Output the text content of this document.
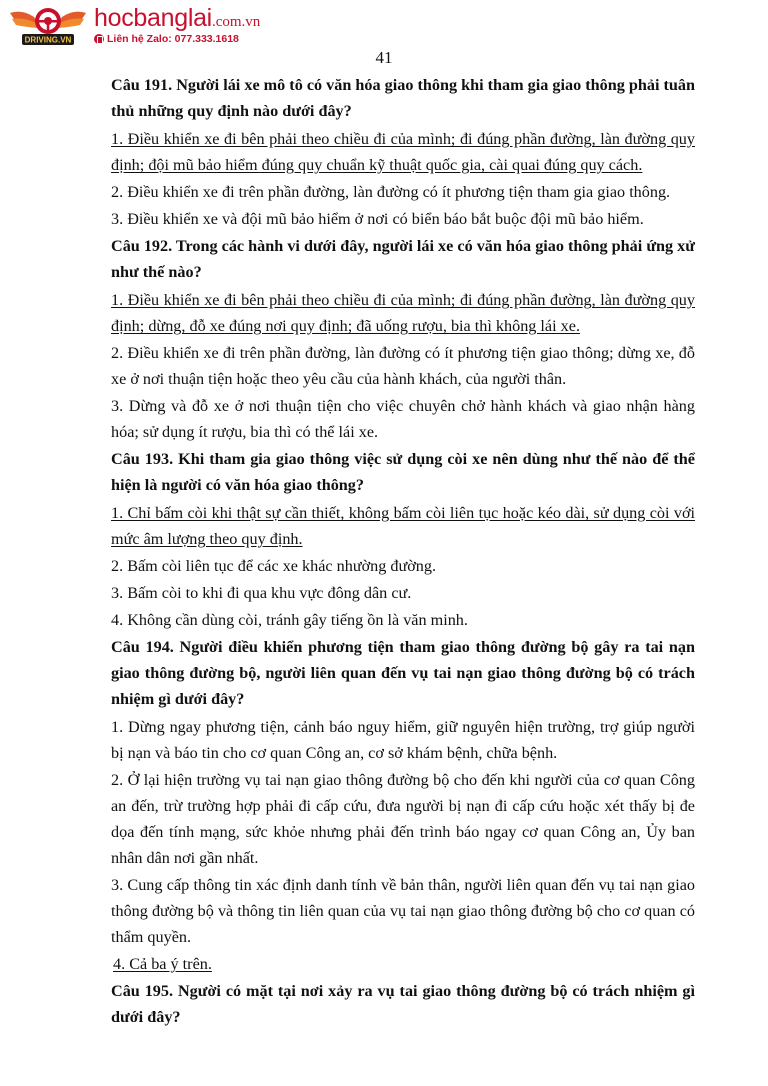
DRIVING.VN
hocbanglai.com.vn
Liên hệ Zalo: 077.333.1618
41

Câu 191. Người lái xe mô tô có văn hóa giao thông khi tham gia giao thông phải tuân thủ những quy định nào dưới đây?

1. Điều khiển xe đi bên phải theo chiều đi của mình; đi đúng phần đường, làn đường quy định; đội mũ bảo hiểm đúng quy chuẩn kỹ thuật quốc gia, cài quai đúng quy cách.

2. Điều khiển xe đi trên phần đường, làn đường có ít phương tiện tham gia giao thông.

3. Điều khiển xe và đội mũ bảo hiểm ở nơi có biển báo bắt buộc đội mũ bảo hiểm.

Câu 192. Trong các hành vi dưới đây, người lái xe có văn hóa giao thông phải ứng xử như thế nào?

1. Điều khiển xe đi bên phải theo chiều đi của mình; đi đúng phần đường, làn đường quy định; dừng, đỗ xe đúng nơi quy định; đã uống rượu, bia thì không lái xe.

2. Điều khiển xe đi trên phần đường, làn đường có ít phương tiện giao thông; dừng xe, đỗ xe ở nơi thuận tiện hoặc theo yêu cầu của hành khách, của người thân.

3. Dừng và đỗ xe ở nơi thuận tiện cho việc chuyên chở hành khách và giao nhận hàng hóa; sử dụng ít rượu, bia thì có thể lái xe.

Câu 193. Khi tham gia giao thông việc sử dụng còi xe nên dùng như thế nào để thể hiện là người có văn hóa giao thông?

1. Chỉ bấm còi khi thật sự cần thiết, không bấm còi liên tục hoặc kéo dài, sử dụng còi với mức âm lượng theo quy định.

2. Bấm còi liên tục để các xe khác nhường đường.

3. Bấm còi to khi đi qua khu vực đông dân cư.

4. Không cần dùng còi, tránh gây tiếng ồn là văn minh.

Câu 194. Người điều khiển phương tiện tham giao thông đường bộ gây ra tai nạn giao thông đường bộ, người liên quan đến vụ tai nạn giao thông đường bộ có trách nhiệm gì dưới đây?

1. Dừng ngay phương tiện, cảnh báo nguy hiểm, giữ nguyên hiện trường, trợ giúp người bị nạn và báo tin cho cơ quan Công an, cơ sở khám bệnh, chữa bệnh.

2. Ở lại hiện trường vụ tai nạn giao thông đường bộ cho đến khi người của cơ quan Công an đến, trừ trường hợp phải đi cấp cứu, đưa người bị nạn đi cấp cứu hoặc xét thấy bị đe dọa đến tính mạng, sức khỏe nhưng phải đến trình báo ngay cơ quan Công an, Ủy ban nhân dân nơi gần nhất.

3. Cung cấp thông tin xác định danh tính về bản thân, người liên quan đến vụ tai nạn giao thông đường bộ và thông tin liên quan của vụ tai nạn giao thông đường bộ cho cơ quan có thẩm quyền.

4. Cả ba ý trên.

Câu 195. Người có mặt tại nơi xảy ra vụ tai giao thông đường bộ có trách nhiệm gì dưới đây?
